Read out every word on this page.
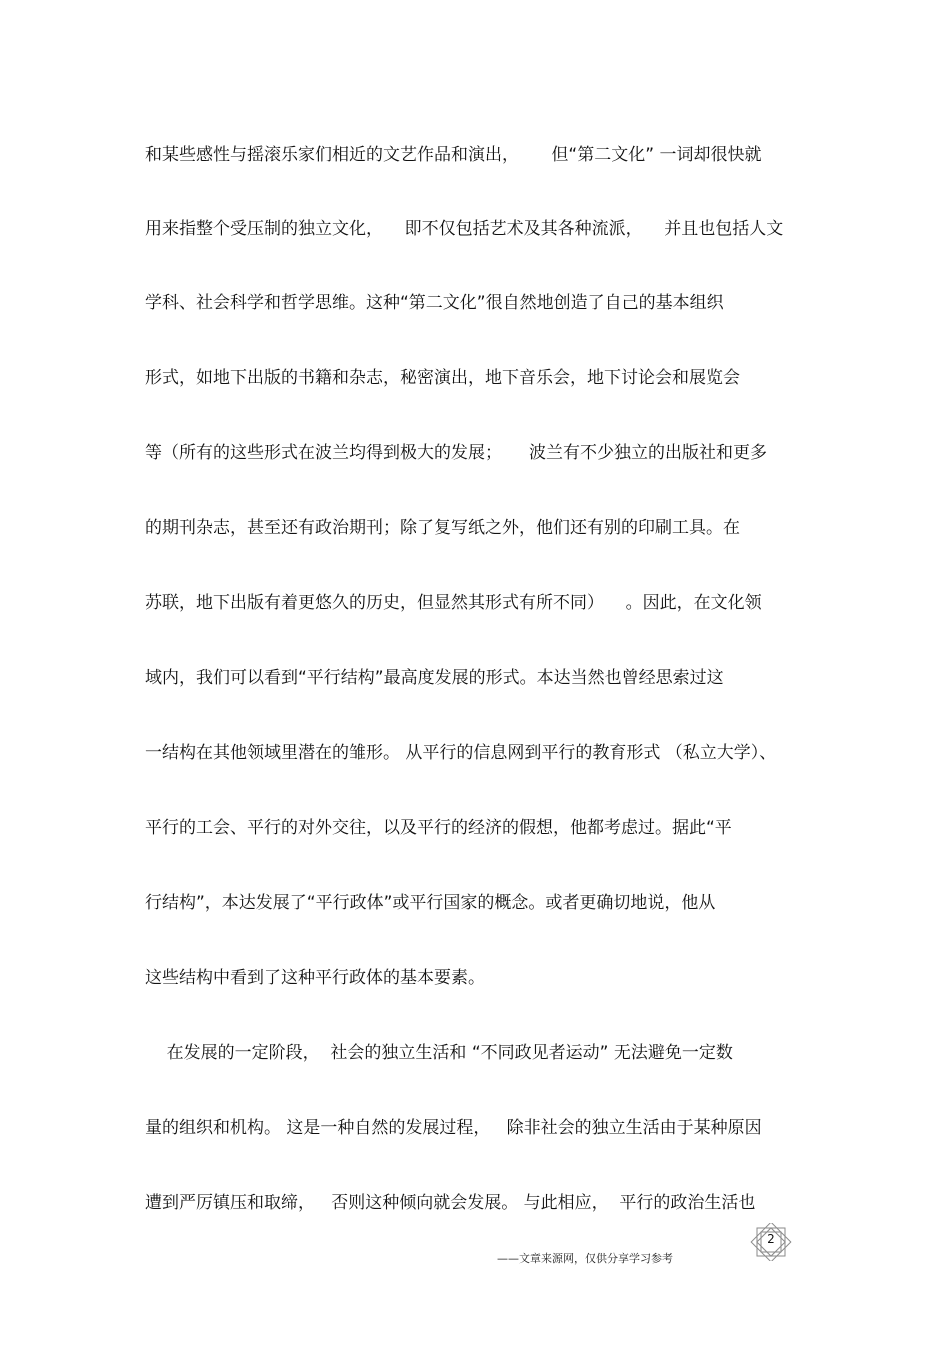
和某些感性与摇滚乐家们相近的文艺作品和演出，      但“第二文化” 一词却很快就
用来指整个受压制的独立文化，    即不仅包括艺术及其各种流派，    并且也包括人文
学科、社会科学和哲学思维。这种“第二文化”很自然地创造了自己的基本组织
形式，如地下出版的书籍和杂志，秘密演出，地下音乐会，地下讨论会和展览会
等（所有的这些形式在波兰均得到极大的发展；     波兰有不少独立的出版社和更多
的期刊杂志，甚至还有政治期刊；除了复写纸之外，他们还有别的印刷工具。在
苏联，地下出版有着更悠久的历史，但显然其形式有所不同）    。因此，在文化领
域内，我们可以看到“平行结构”最高度发展的形式。本达当然也曾经思索过这
一结构在其他领域里潜在的雏形。 从平行的信息网到平行的教育形式 （私立大学）、
平行的工会、平行的对外交往，以及平行的经济的假想，他都考虑过。据此“平
行结构”，本达发展了“平行政体”或平行国家的概念。或者更确切地说，他从
这些结构中看到了这种平行政体的基本要素。
在发展的一定阶段，  社会的独立生活和 “不同政见者运动” 无法避免一定数
量的组织和机构。 这是一种自然的发展过程，   除非社会的独立生活由于某种原因
遭到严厉镇压和取缔，   否则这种倾向就会发展。 与此相应，  平行的政治生活也
2
——文章来源网，仅供分享学习参考
